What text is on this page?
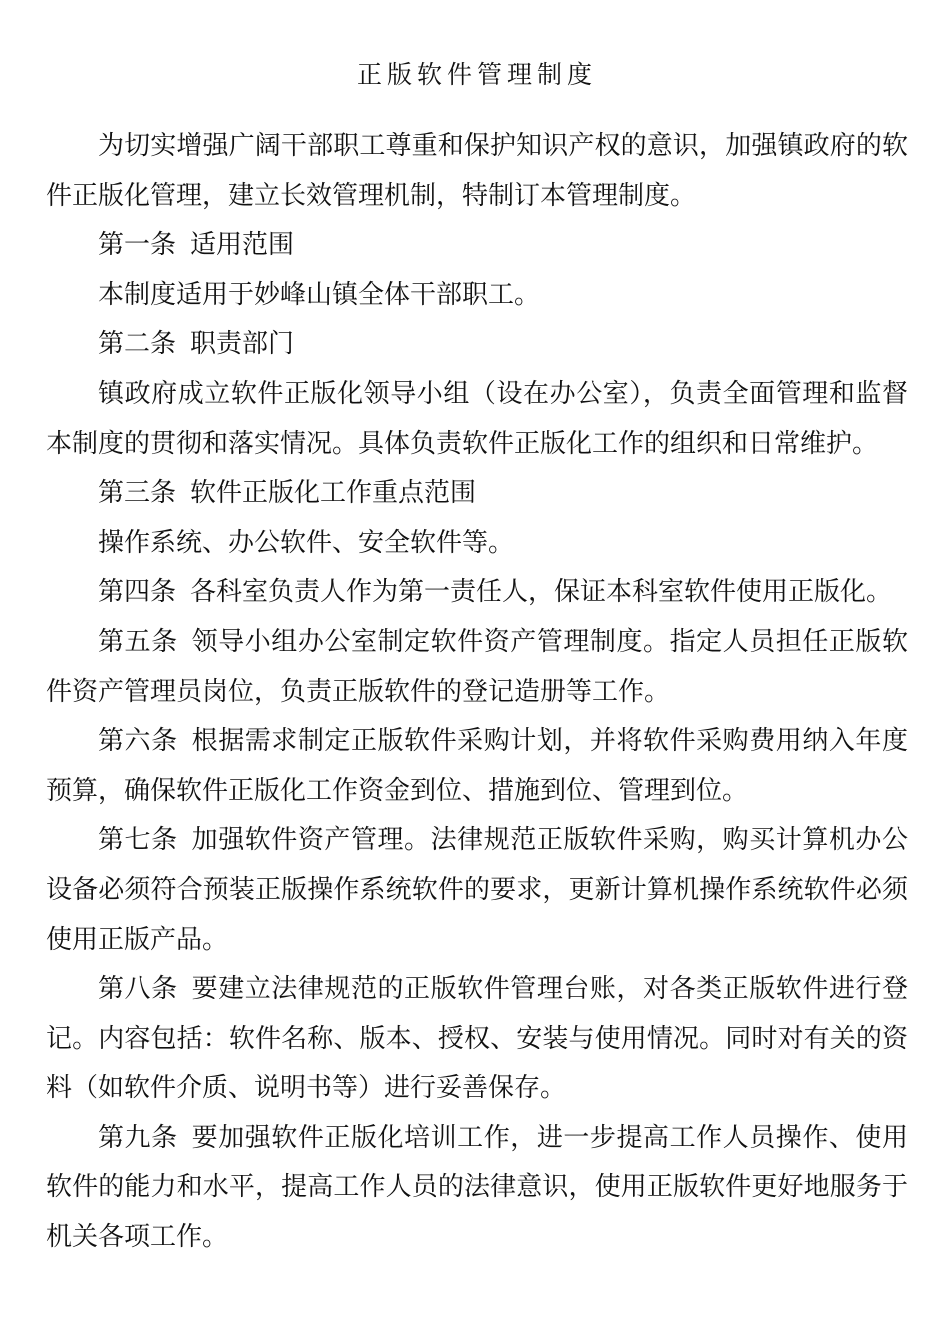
正版软件管理制度

为切实增强广阔干部职工尊重和保护知识产权的意识，加强镇政府的软件正版化管理，建立长效管理机制，特制订本管理制度。

第一条 适用范围

本制度适用于妙峰山镇全体干部职工。

第二条 职责部门

镇政府成立软件正版化领导小组（设在办公室），负责全面管理和监督本制度的贯彻和落实情况。具体负责软件正版化工作的组织和日常维护。

第三条 软件正版化工作重点范围

操作系统、办公软件、安全软件等。

第四条 各科室负责人作为第一责任人，保证本科室软件使用正版化。

第五条 领导小组办公室制定软件资产管理制度。指定人员担任正版软件资产管理员岗位，负责正版软件的登记造册等工作。

第六条 根据需求制定正版软件采购计划，并将软件采购费用纳入年度预算，确保软件正版化工作资金到位、措施到位、管理到位。

第七条 加强软件资产管理。法律规范正版软件采购，购买计算机办公设备必须符合预装正版操作系统软件的要求，更新计算机操作系统软件必须使用正版产品。

第八条 要建立法律规范的正版软件管理台账，对各类正版软件进行登记。内容包括：软件名称、版本、授权、安装与使用情况。同时对有关的资料（如软件介质、说明书等）进行妥善保存。

第九条 要加强软件正版化培训工作，进一步提高工作人员操作、使用软件的能力和水平，提高工作人员的法律意识，使用正版软件更好地服务于机关各项工作。
